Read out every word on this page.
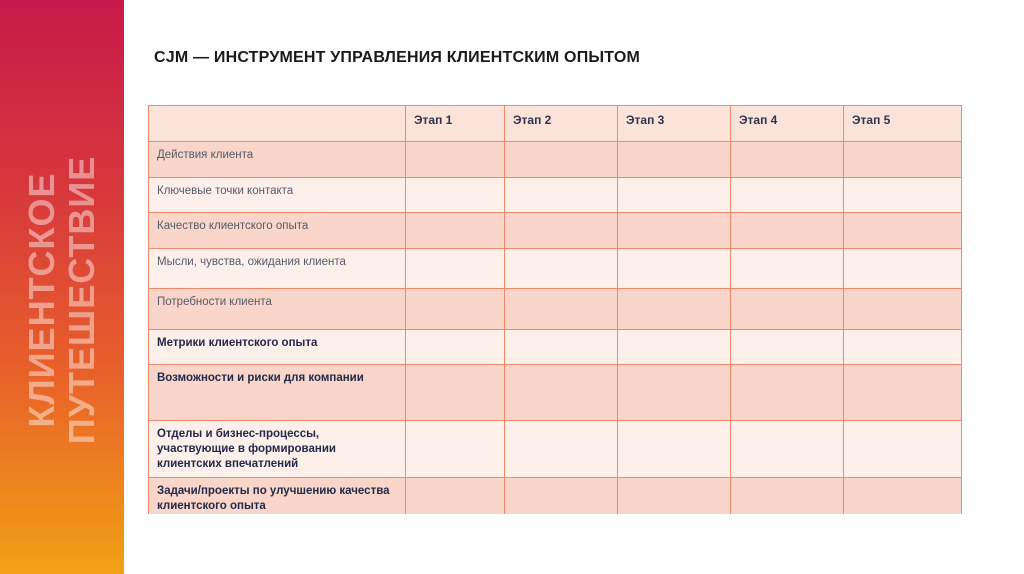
КЛИЕНТСКОЕ ПУТЕШЕСТВИЕ
CJM — ИНСТРУМЕНТ УПРАВЛЕНИЯ КЛИЕНТСКИМ ОПЫТОМ
	Этап 1	Этап 2	Этап 3	Этап 4	Этап 5
Действия клиента					
Ключевые точки контакта					
Качество клиентского опыта					
Мысли, чувства, ожидания клиента					
Потребности клиента					
Метрики клиентского опыта					
Возможности и риски для компании					
Отделы и бизнес-процессы, участвующие в формировании клиентских впечатлений					
Задачи/проекты по улучшению качества клиентского опыта					
